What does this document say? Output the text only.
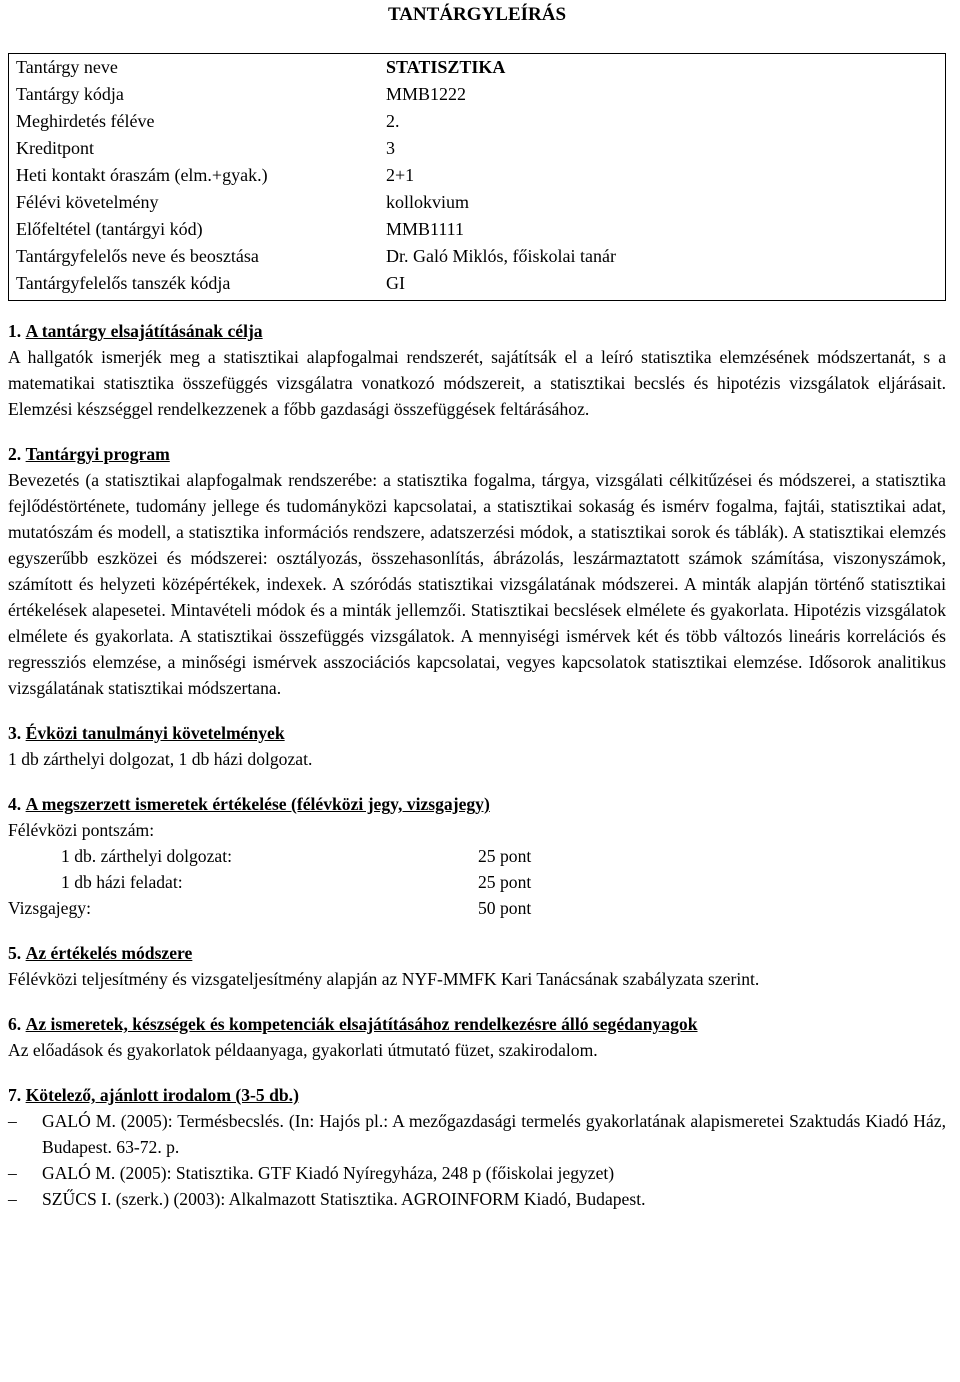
TANTÁRGYLEÍRÁS
Tantárgy neve	STATISZTIKA
Tantárgy kódja	MMB1222
Meghirdetés féléve	2.
Kreditpont	3
Heti kontakt óraszám (elm.+gyak.)	2+1
Félévi követelmény	kollokvium
Előfeltétel (tantárgyi kód)	MMB1111
Tantárgyfelelős neve és beosztása	Dr. Galó Miklós, főiskolai tanár
Tantárgyfelelős tanszék kódja	GI

1. A tantárgy elsajátításának célja

A hallgatók ismerjék meg a statisztikai alapfogalmai rendszerét, sajátítsák el a leíró statisztika elemzésének módszertanát, s a matematikai statisztika összefüggés vizsgálatra vonatkozó módszereit, a statisztikai becslés és hipotézis vizsgálatok eljárásait. Elemzési készséggel rendelkezzenek a főbb gazdasági összefüggések feltárásához.

2. Tantárgyi program

Bevezetés (a statisztikai alapfogalmak rendszerébe: a statisztika fogalma, tárgya, vizsgálati célkitűzései és módszerei, a statisztika fejlődéstörténete, tudomány jellege és tudományközi kapcsolatai, a statisztikai sokaság és ismérv fogalma, fajtái, statisztikai adat, mutatószám és modell, a statisztika információs rendszere, adatszerzési módok, a statisztikai sorok és táblák). A statisztikai elemzés egyszerűbb eszközei és módszerei: osztályozás, összehasonlítás, ábrázolás, leszármaztatott számok számítása, viszonyszámok, számított és helyzeti középértékek, indexek. A szóródás statisztikai vizsgálatának módszerei. A minták alapján történő statisztikai értékelések alapesetei. Mintavételi módok és a minták jellemzői. Statisztikai becslések elmélete és gyakorlata. Hipotézis vizsgálatok elmélete és gyakorlata. A statisztikai összefüggés vizsgálatok. A mennyiségi ismérvek két és több változós lineáris korrelációs és regressziós elemzése, a minőségi ismérvek asszociációs kapcsolatai, vegyes kapcsolatok statisztikai elemzése. Idősorok analitikus vizsgálatának statisztikai módszertana.

3. Évközi tanulmányi követelmények

1 db zárthelyi dolgozat, 1 db házi dolgozat.

4. A megszerzett ismeretek értékelése (félévközi jegy, vizsgajegy)

Félévközi pontszám:

1 db. zárthelyi dolgozat:	25 pont
1 db házi feladat:	25 pont
Vizsgajegy:	50 pont

5. Az értékelés módszere

Félévközi teljesítmény és vizsgateljesítmény alapján az NYF-MMFK Kari Tanácsának szabályzata szerint.

6. Az ismeretek, készségek és kompetenciák elsajátításához rendelkezésre álló segédanyagok

Az előadások és gyakorlatok példaanyaga, gyakorlati útmutató füzet, szakirodalom.

7. Kötelező, ajánlott irodalom (3-5 db.)

–	GALÓ M. (2005): Termésbecslés. (In: Hajós pl.: A mezőgazdasági termelés gyakorlatának alapismeretei Szaktudás Kiadó Ház, Budapest. 63-72. p.
–	GALÓ M. (2005): Statisztika. GTF Kiadó Nyíregyháza, 248 p (főiskolai jegyzet)
–	SZŰCS I. (szerk.) (2003): Alkalmazott Statisztika. AGROINFORM Kiadó, Budapest.
